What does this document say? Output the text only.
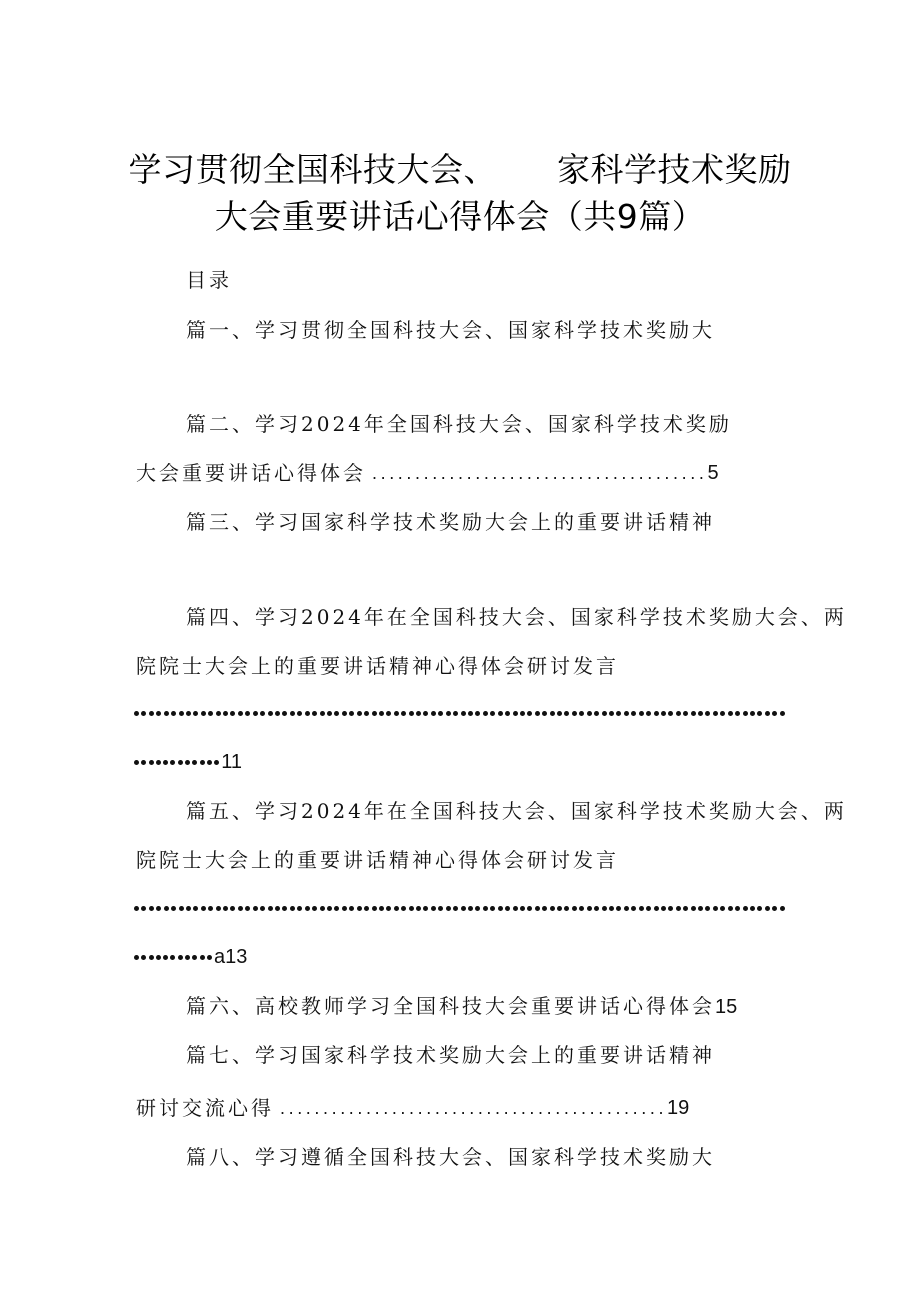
学习贯彻全国科技大会、 家科学技术奖励
大会重要讲话心得体会（共9篇）
目录
篇一、学习贯彻全国科技大会、国家科学技术奖励大
篇二、学习2024年全国科技大会、国家科学技术奖励
大会重要讲话心得体会 ....................................... 5
篇三、学习国家科学技术奖励大会上的重要讲话精神
篇四、学习2024年在全国科技大会、国家科学技术奖励大会、两
院院士大会上的重要讲话精神心得体会研讨发言
11
篇五、学习2024年在全国科技大会、国家科学技术奖励大会、两
院院士大会上的重要讲话精神心得体会研讨发言
a13
篇六、高校教师学习全国科技大会重要讲话心得体会15
篇七、学习国家科学技术奖励大会上的重要讲话精神
研讨交流心得 ............................................. 19
篇八、学习遵循全国科技大会、国家科学技术奖励大
